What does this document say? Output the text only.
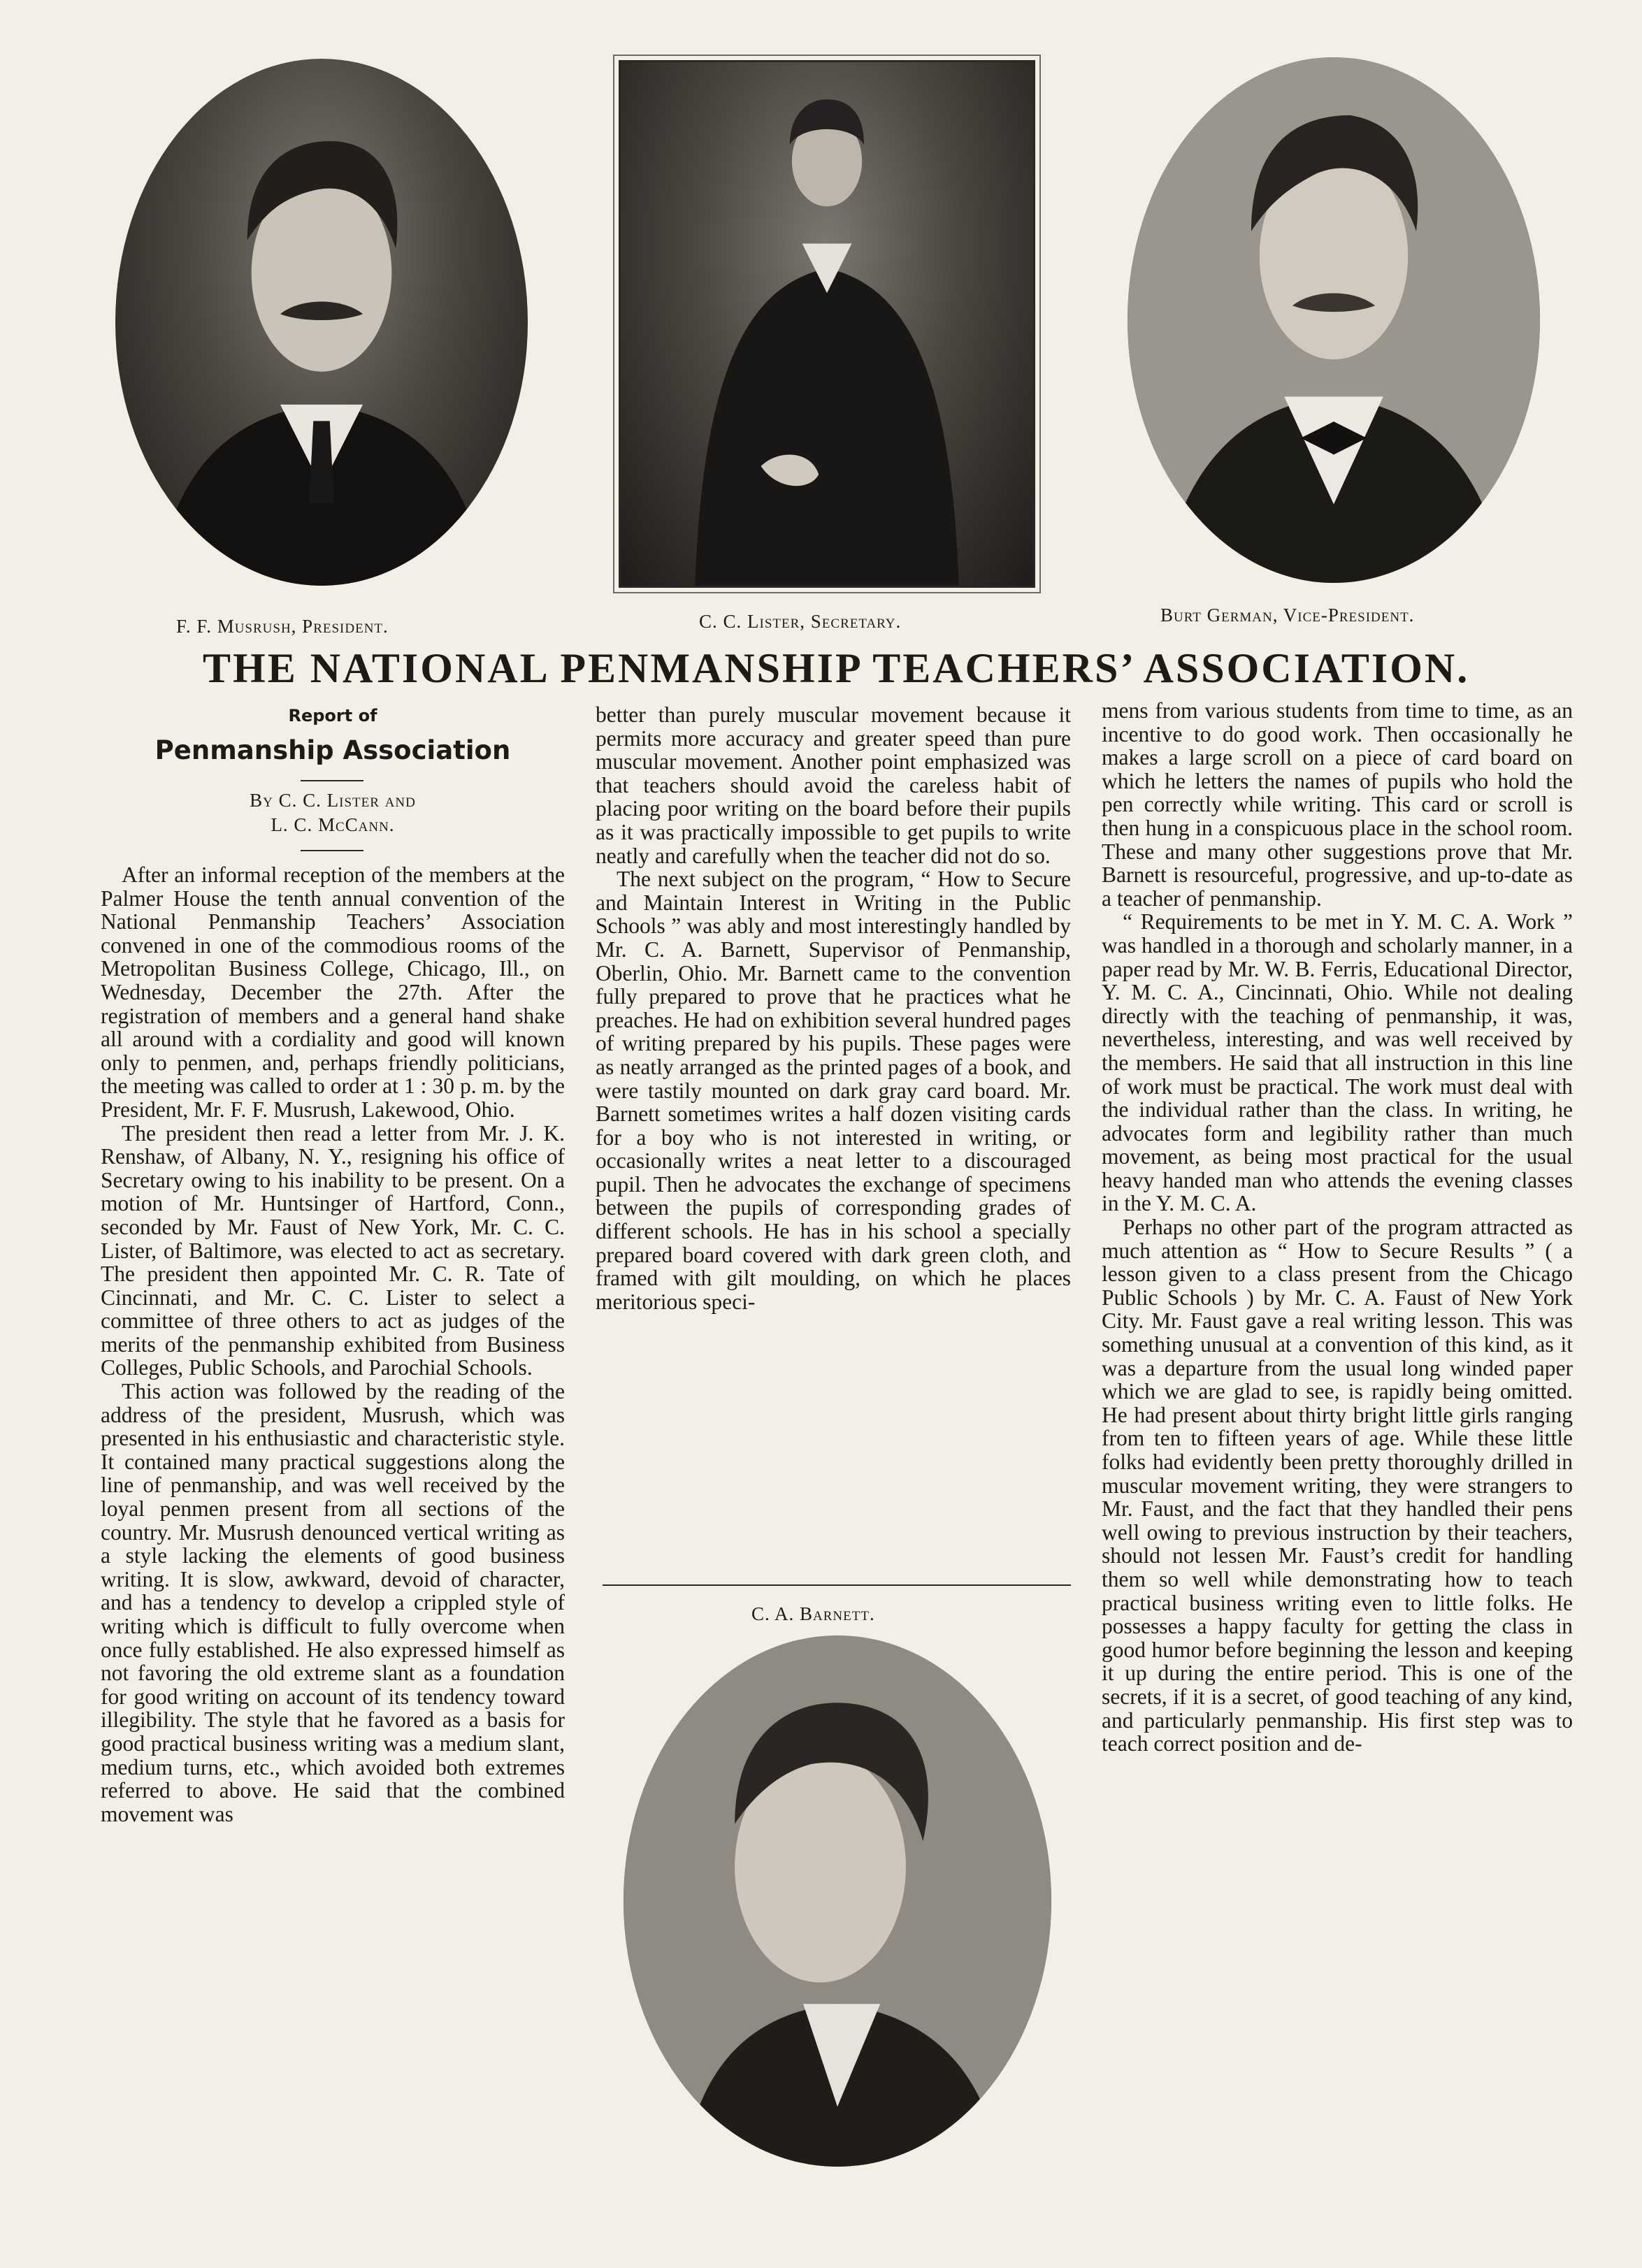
F. F. Musrush, President.	C. C. Lister, Secretary.	Burt German, Vice-President.
THE NATIONAL PENMANSHIP TEACHERS’ ASSOCIATION.
Report of
Penmanship Association
By C. C. Lister and
L. C. McCann.

After an informal reception of the members at the Palmer House the tenth annual convention of the National Penmanship Teachers’ Association convened in one of the commodious rooms of the Metropolitan Business College, Chicago, Ill., on Wednesday, December the 27th. After the registration of members and a general hand shake all around with a cordiality and good will known only to penmen, and, perhaps friendly politicians, the meeting was called to order at 1 : 30 p. m. by the President, Mr. F. F. Musrush, Lakewood, Ohio.

The president then read a letter from Mr. J. K. Renshaw, of Albany, N. Y., resigning his office of Secretary owing to his inability to be present. On a motion of Mr. Huntsinger of Hartford, Conn., seconded by Mr. Faust of New York, Mr. C. C. Lister, of Baltimore, was elected to act as secretary. The president then appointed Mr. C. R. Tate of Cincinnati, and Mr. C. C. Lister to select a committee of three others to act as judges of the merits of the penmanship exhibited from Business Colleges, Public Schools, and Parochial Schools.

This action was followed by the reading of the address of the president, Musrush, which was presented in his enthusiastic and characteristic style. It contained many practical suggestions along the line of penmanship, and was well received by the loyal penmen present from all sections of the country. Mr. Musrush denounced vertical writing as a style lacking the elements of good business writing. It is slow, awkward, devoid of character, and has a tendency to develop a crippled style of writing which is difficult to fully overcome when once fully established. He also expressed himself as not favoring the old extreme slant as a foundation for good writing on account of its tendency toward illegibility. The style that he favored as a basis for good practical business writing was a medium slant, medium turns, etc., which avoided both extremes referred to above. He said that the combined movement was

better than purely muscular movement because it permits more accuracy and greater speed than pure muscular movement. Another point emphasized was that teachers should avoid the careless habit of placing poor writing on the board before their pupils as it was practically impossible to get pupils to write neatly and carefully when the teacher did not do so.

The next subject on the program, “ How to Secure and Maintain Interest in Writing in the Public Schools ” was ably and most interestingly handled by Mr. C. A. Barnett, Supervisor of Penmanship, Oberlin, Ohio. Mr. Barnett came to the convention fully prepared to prove that he practices what he preaches. He had on exhibition several hundred pages of writing prepared by his pupils. These pages were as neatly arranged as the printed pages of a book, and were tastily mounted on dark gray card board. Mr. Barnett sometimes writes a half dozen visiting cards for a boy who is not interested in writing, or occasionally writes a neat letter to a discouraged pupil. Then he advocates the exchange of specimens between the pupils of corresponding grades of different schools. He has in his school a specially prepared board covered with dark green cloth, and framed with gilt moulding, on which he places meritorious speci-

C. A. Barnett.

mens from various students from time to time, as an incentive to do good work. Then occasionally he makes a large scroll on a piece of card board on which he letters the names of pupils who hold the pen correctly while writing. This card or scroll is then hung in a conspicuous place in the school room. These and many other suggestions prove that Mr. Barnett is resourceful, progressive, and up-to-date as a teacher of penmanship.

“ Requirements to be met in Y. M. C. A. Work ” was handled in a thorough and scholarly manner, in a paper read by Mr. W. B. Ferris, Educational Director, Y. M. C. A., Cincinnati, Ohio. While not dealing directly with the teaching of penmanship, it was, nevertheless, interesting, and was well received by the members. He said that all instruction in this line of work must be practical. The work must deal with the individual rather than the class. In writing, he advocates form and legibility rather than much movement, as being most practical for the usual heavy handed man who attends the evening classes in the Y. M. C. A.

Perhaps no other part of the program attracted as much attention as “ How to Secure Results ” ( a lesson given to a class present from the Chicago Public Schools ) by Mr. C. A. Faust of New York City. Mr. Faust gave a real writing lesson. This was something unusual at a convention of this kind, as it was a departure from the usual long winded paper which we are glad to see, is rapidly being omitted. He had present about thirty bright little girls ranging from ten to fifteen years of age. While these little folks had evidently been pretty thoroughly drilled in muscular movement writing, they were strangers to Mr. Faust, and the fact that they handled their pens well owing to previous instruction by their teachers, should not lessen Mr. Faust’s credit for handling them so well while demonstrating how to teach practical business writing even to little folks. He possesses a happy faculty for getting the class in good humor before beginning the lesson and keeping it up during the entire period. This is one of the secrets, if it is a secret, of good teaching of any kind, and particularly penmanship. His first step was to teach correct position and de-
